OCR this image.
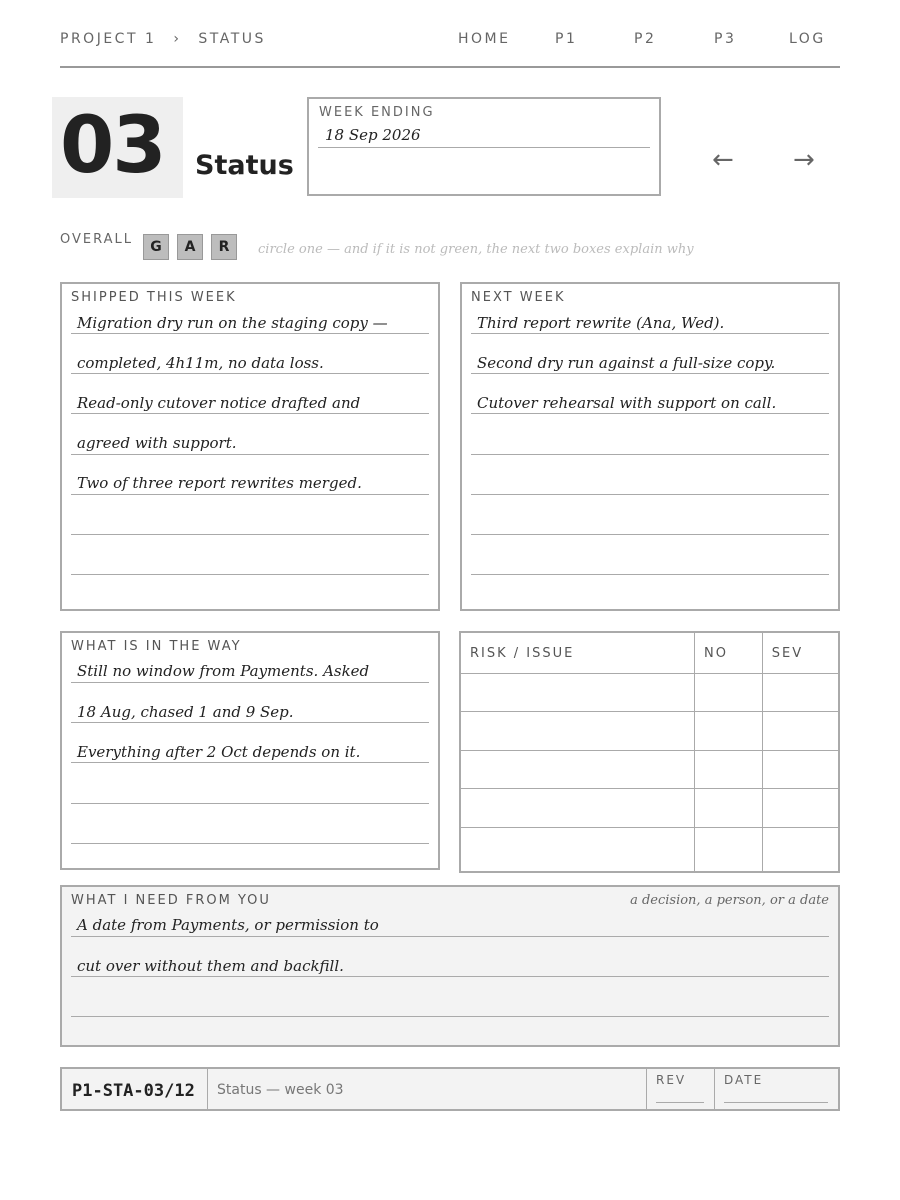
PROJECT 1 › STATUS	HOME	P1	P2	P3	LOG
03	Status
WEEK ENDING
18 Sep 2026
← →
OVERALL	G	A	R	circle one — and if it is not green, the next two boxes explain why
SHIPPED THIS WEEK
Migration dry run on the staging copy —
completed, 4h11m, no data loss.
Read-only cutover notice drafted and
agreed with support.
Two of three report rewrites merged.
NEXT WEEK
Third report rewrite (Ana, Wed).
Second dry run against a full-size copy.
Cutover rehearsal with support on call.
WHAT IS IN THE WAY
Still no window from Payments. Asked
18 Aug, chased 1 and 9 Sep.
Everything after 2 Oct depends on it.
RISK / ISSUE	NO	SEV

WHAT I NEED FROM YOU	a decision, a person, or a date
A date from Payments, or permission to
cut over without them and backfill.
P1-STA-03/12 Status — week 03
REV	DATE
